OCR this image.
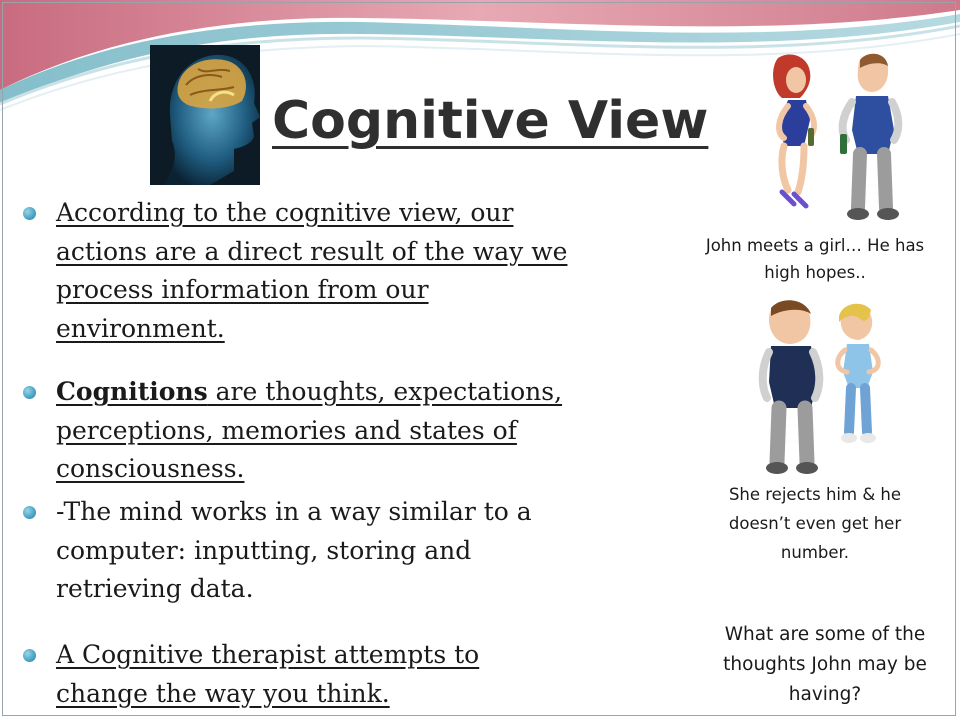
Cognitive View
According to the cognitive view, our actions are a direct result of the way we process information from our environment.
Cognitions are thoughts, expectations, perceptions, memories and states of consciousness.
-The mind works in a way similar to a computer: inputting, storing and retrieving data.
A Cognitive therapist attempts to change the way you think.
John meets a girl… He has high hopes..
She rejects him & he doesn’t even get her number.
What are some of the thoughts John may be having?
